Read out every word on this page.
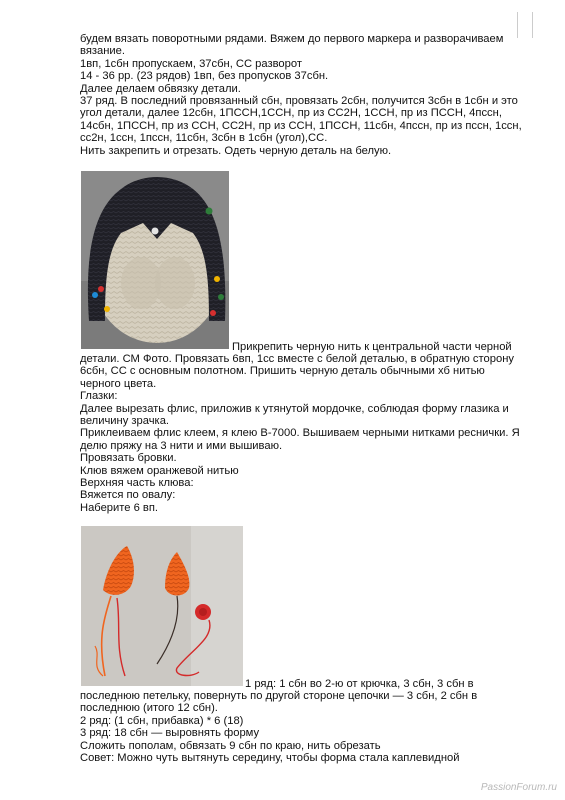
будем вязать поворотными рядами. Вяжем до первого маркера и разворачиваем вязание.

1вп, 1сбн пропускаем, 37сбн, СС разворот

14 - 36 рр. (23 рядов) 1вп, без пропусков 37сбн.

Далее делаем обвязку детали.

37 ряд. В последний провязанный сбн, провязать 2сбн, получится 3сбн в 1сбн и это угол детали, далее 12сбн, 1ПССН,1ССН, пр из СС2Н, 1ССН, пр из ПССН, 4пссн, 14сбн, 1ПССН, пр из ССН, СС2Н, пр из ССН, 1ПССН, 11сбн, 4пссн, пр из пссн, 1ссн, сс2н, 1ссн, 1пссн, 11сбн, 3сбн в 1сбн (угол),СС.

Нить закрепить и отрезать. Одеть черную деталь на белую.

Прикрепить черную нить к центральной части черной

детали. СМ Фото. Провязать 6вп, 1сс вместе с белой деталью, в обратную сторону 6сбн, СС с основным полотном. Пришить черную деталь обычными хб нитью черного цвета.

Глазки:

Далее вырезать флис, приложив к утянутой мордочке, соблюдая форму глазика и величину зрачка.

Приклеиваем флис клеем, я клею В-7000. Вышиваем черными нитками реснички. Я делю пряжу на 3 нити и ими вышиваю.

Провязать бровки.

Клюв вяжем оранжевой нитью

Верхняя часть клюва:

Вяжется по овалу:

Наберите 6 вп.

1 ряд: 1 сбн во 2-ю от крючка, 3 сбн, 3 сбн в

последнюю петельку, повернуть по другой стороне цепочки — 3 сбн, 2 сбн в последнюю (итого 12 сбн).

2 ряд: (1 сбн, прибавка) * 6 (18)

3 ряд: 18 сбн — выровнять форму

Сложить пополам, обвязать 9 сбн по краю, нить обрезать

Совет: Можно чуть вытянуть середину, чтобы форма стала каплевидной

PassionForum.ru
